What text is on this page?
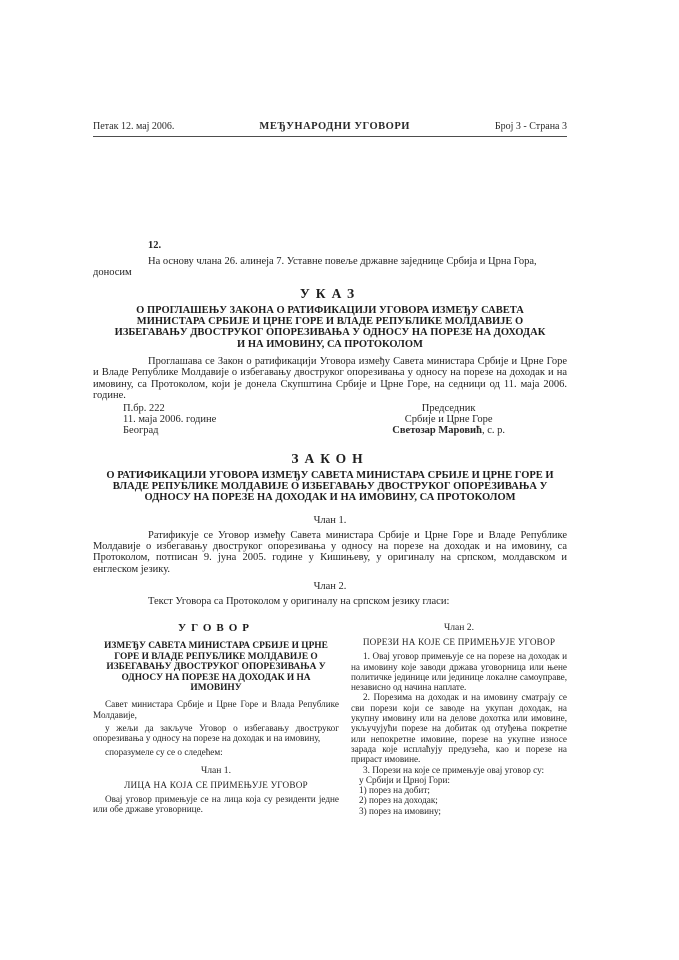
Петак 12. мај 2006.	МЕЂУНАРОДНИ УГОВОРИ	Број 3 - Страна 3
12.

На основу члана 26. алинеја 7. Уставне повеље државне заједнице Србија и Црна Гора,

доносим

УКАЗ
О ПРОГЛАШЕЊУ ЗАКОНА О РАТИФИКАЦИЈИ УГОВОРА ИЗМЕЂУ САВЕТА МИНИСТАРА СРБИЈЕ И ЦРНЕ ГОРЕ И ВЛАДЕ РЕПУБЛИКЕ МОЛДАВИЈЕ О ИЗБЕГАВАЊУ ДВОСТРУКОГ ОПОРЕЗИВАЊА У ОДНОСУ НА ПОРЕЗЕ НА ДОХОДАК И НА ИМОВИНУ, СА ПРОТОКОЛОМ

Проглашава се Закон о ратификацији Уговора између Савета министара Србије и Црне Горе и Владе Републике Молдавије о избегавању двоструког опорезивања у односу на порезе на доходак и на имовину, са Протоколом, који је донела Скупштина Србије и Црне Горе, на седници од 11. маја 2006. године.

П.бр. 222
11. маја 2006. године
Београд
Председник
Србије и Црне Горе
Светозар Маровић, с. р.
ЗАКОН
О РАТИФИКАЦИЈИ УГОВОРА ИЗМЕЂУ САВЕТА МИНИСТАРА СРБИЈЕ И ЦРНЕ ГОРЕ И ВЛАДЕ РЕПУБЛИКЕ МОЛДАВИЈЕ О ИЗБЕГАВАЊУ ДВОСТРУКОГ ОПОРЕЗИВАЊА У ОДНОСУ НА ПОРЕЗЕ НА ДОХОДАК И НА ИМОВИНУ, СА ПРОТОКОЛОМ
Члан 1.

Ратификује се Уговор између Савета министара Србије и Црне Горе и Владе Републике Молдавије о избегавању двоструког опорезивања у односу на порезе на доходак и на имовину, са Протоколом, потписан 9. јуна 2005. године у Кишињеву, у оригиналу на српском, молдавском и енглеском језику.

Члан 2.

Текст Уговора са Протоколом у оригиналу на српском језику гласи:

УГОВОР
ИЗМЕЂУ САВЕТА МИНИСТАРА СРБИЈЕ И ЦРНЕ ГОРЕ И ВЛАДЕ РЕПУБЛИКЕ МОЛДАВИЈЕ О ИЗБЕГАВАЊУ ДВОСТРУКОГ ОПОРЕЗИВАЊА У ОДНОСУ НА ПОРЕЗЕ НА ДОХОДАК И НА ИМОВИНУ

Савет министара Србије и Црне Горе и Влада Републике Молдавије,

у жељи да закључе Уговор о избегавању двоструког опорезивања у односу на порезе на доходак и на имовину,

споразумеле су се о следећем:

Члан 1.
ЛИЦА НА КОЈА СЕ ПРИМЕЊУЈЕ УГОВОР

Овај уговор примењује се на лица која су резиденти једне или обе државе уговорнице.

Члан 2.
ПОРЕЗИ НА КОЈЕ СЕ ПРИМЕЊУЈЕ УГОВОР

1. Овај уговор примењује се на порезе на доходак и на имовину које заводи држава уговорница или њене политичке јединице или јединице локалне самоуправе, независно од начина наплате.

2. Порезима на доходак и на имовину сматрају се сви порези који се заводе на укупан доходак, на укупну имовину или на делове дохотка или имовине, укључујући порезе на добитак од отуђења покретне или непокретне имовине, порезе на укупне износе зарада које исплаћују предузећа, као и порезе на прираст имовине.

3. Порези на које се примењује овај уговор су:

у Србији и Црној Гори:

1) порез на добит;

2) порез на доходак;

3) порез на имовину;
